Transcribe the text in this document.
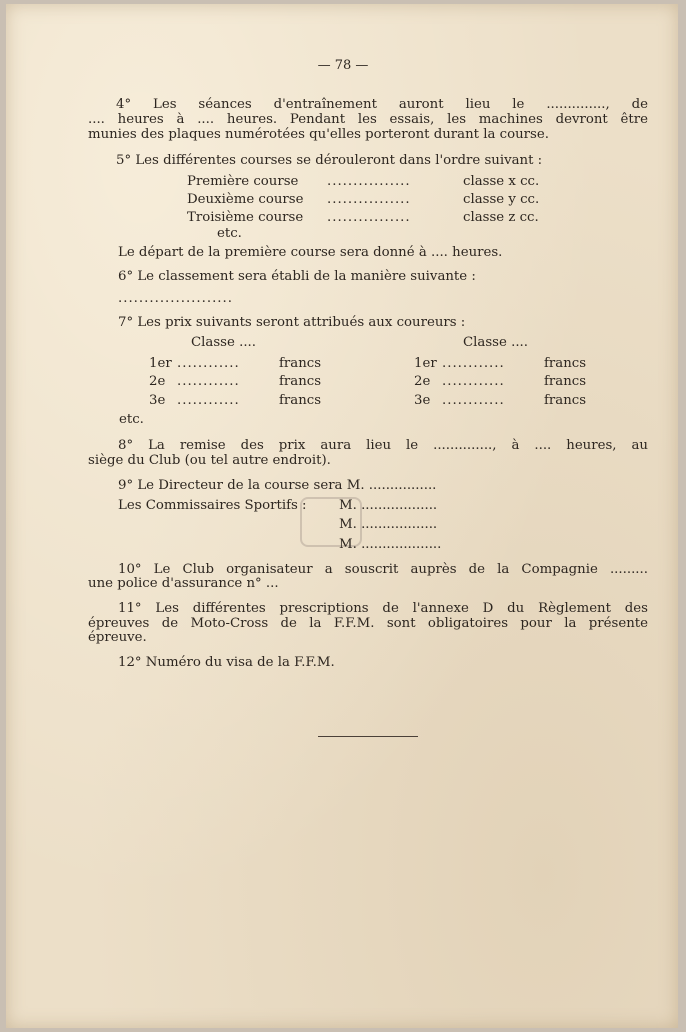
— 78 —
4° Les séances d'entraînement auront lieu le .............., de
.... heures à .... heures. Pendant les essais, les machines devront être
munies des plaques numérotées qu'elles porteront durant la course.
5° Les différentes courses se dérouleront dans l'ordre suivant :
Première course ................	classe x cc.
Deuxième course ................	classe y cc.
Troisième course ................	classe z cc.
etc.
Le départ de la première course sera donné à .... heures.
6° Le classement sera établi de la manière suivante :
......................
7° Les prix suivants seront attribués aux coureurs :
Classe ....	Classe ....
1er ............	francs	1er ............	francs
2e ............	francs	2e ............	francs
3e ............	francs	3e ............	francs
etc.
8° La remise des prix aura lieu le .............., à .... heures, au
siège du Club (ou tel autre endroit).
9° Le Directeur de la course sera M. ................
Les Commissaires Sportifs : M. ..................
M. ..................
M. ...................
10° Le Club organisateur a souscrit auprès de la Compagnie .........
une police d'assurance n° ...
11° Les différentes prescriptions de l'annexe D du Règlement des
épreuves de Moto-Cross de la F.F.M. sont obligatoires pour la présente
épreuve.
12° Numéro du visa de la F.F.M.
